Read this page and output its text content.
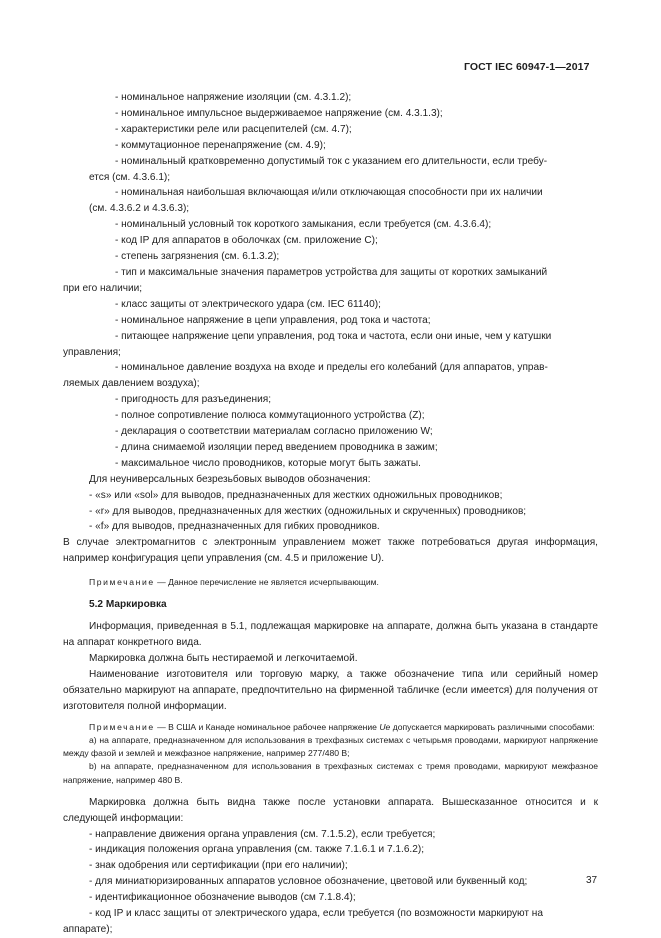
ГОСТ IEC 60947-1—2017

- номинальное напряжение изоляции (см. 4.3.1.2);

- номинальное импульсное выдерживаемое напряжение (см. 4.3.1.3);

- характеристики реле или расцепителей (см. 4.7);

- коммутационное перенапряжение (см. 4.9);

- номинальный кратковременно допустимый ток с указанием его длительности, если требу-

ется (см. 4.3.6.1);

- номинальная наибольшая включающая и/или отключающая способности при их наличии

(см. 4.3.6.2 и 4.3.6.3);

- номинальный условный ток короткого замыкания, если требуется (см. 4.3.6.4);

- код IP для аппаратов в оболочках (см. приложение С);

- степень загрязнения (см. 6.1.3.2);

- тип и максимальные значения параметров устройства для защиты от коротких замыканий

при его наличии;

- класс защиты от электрического удара (см. IEC 61140);

- номинальное напряжение в цепи управления, род тока и частота;

- питающее напряжение цепи управления, род тока и частота, если они иные, чем у катушки

управления;

- номинальное давление воздуха на входе и пределы его колебаний (для аппаратов, управ-

ляемых давлением воздуха);

- пригодность для разъединения;

- полное сопротивление полюса коммутационного устройства (Z);

- декларация о соответствии материалам согласно приложению W;

- длина снимаемой изоляции перед введением проводника в зажим;

- максимальное число проводников, которые могут быть зажаты.

Для неуниверсальных безрезьбовых выводов обозначения:

- «s» или «sol» для выводов, предназначенных для жестких одножильных проводников;

- «r» для выводов, предназначенных для жестких (одножильных и скрученных) проводников;

- «f» для выводов, предназначенных для гибких проводников.

В случае электромагнитов с электронным управлением может также потребоваться другая информация, например конфигурация цепи управления (см. 4.5 и приложение U).

Примечание — Данное перечисление не является исчерпывающим.

5.2 Маркировка

Информация, приведенная в 5.1, подлежащая маркировке на аппарате, должна быть указана в стандарте на аппарат конкретного вида.

Маркировка должна быть нестираемой и легкочитаемой.

Наименование изготовителя или торговую марку, а также обозначение типа или серийный номер обязательно маркируют на аппарате, предпочтительно на фирменной табличке (если имеется) для получения от изготовителя полной информации.

Примечание — В США и Канаде номинальное рабочее напряжение Ue допускается маркировать различными способами:

a) на аппарате, предназначенном для использования в трехфазных системах с четырьмя проводами, маркируют напряжение между фазой и землей и межфазное напряжение, например 277/480 В;

b) на аппарате, предназначенном для использования в трехфазных системах с тремя проводами, маркируют межфазное напряжение, например 480 В.

Маркировка должна быть видна также после установки аппарата. Вышесказанное относится и к следующей информации:

- направление движения органа управления (см. 7.1.5.2), если требуется;

- индикация положения органа управления (см. также 7.1.6.1 и 7.1.6.2);

- знак одобрения или сертификации (при его наличии);

- для миниатюризированных аппаратов условное обозначение, цветовой или буквенный код;

- идентификационное обозначение выводов (см 7.1.8.4);

- код IP и класс защиты от электрического удара, если требуется (по возможности маркируют на

аппарате);

37
